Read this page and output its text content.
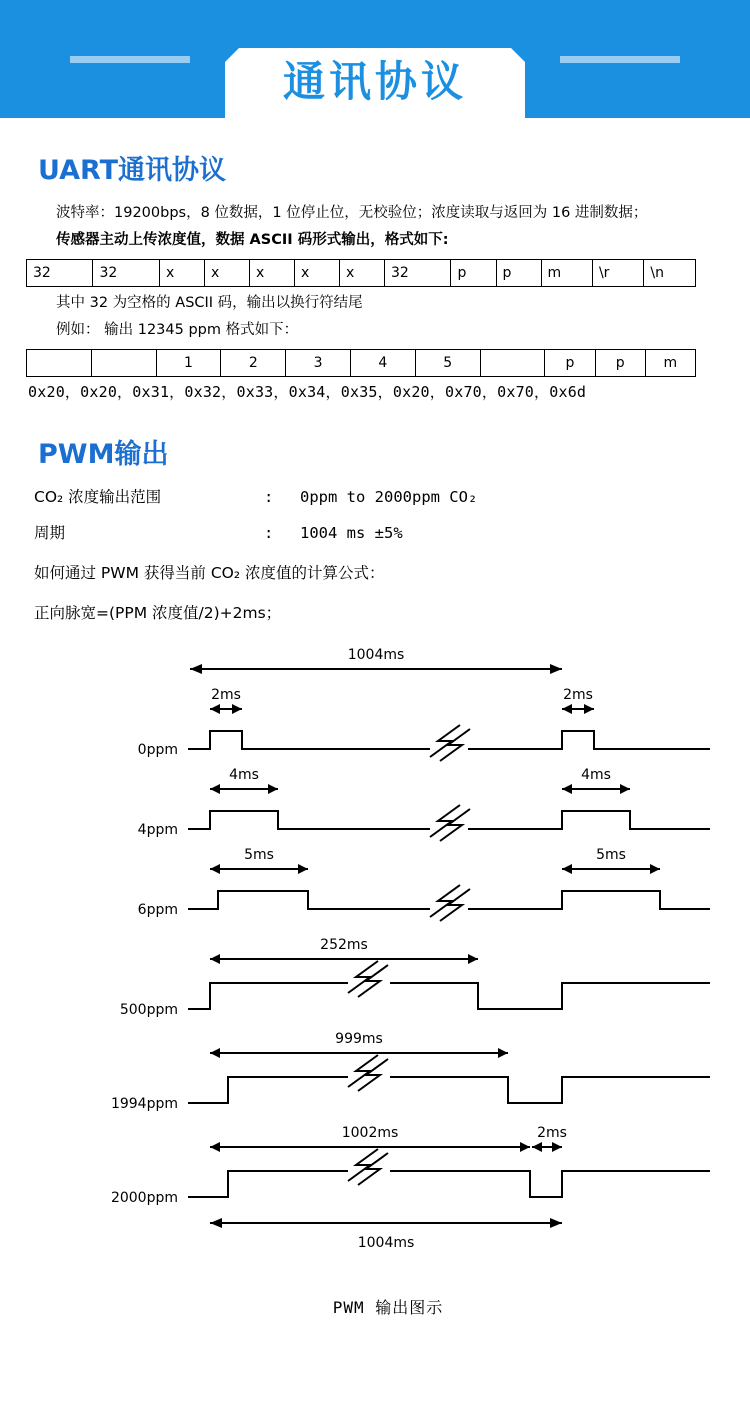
通讯协议
UART通讯协议

波特率：19200bps，8 位数据，1 位停止位，无校验位；浓度读取与返回为 16 进制数据；

传感器主动上传浓度值，数据 ASCII 码形式输出，格式如下:

32	32	x	x	x	x	x	32	p	p	m	\r	\n

其中 32 为空格的 ASCII 码，输出以换行符结尾

例如： 输出 12345 ppm 格式如下：

		1	2	3	4	5		p	p	m
0x20，0x20，0x31，0x32，0x33，0x34，0x35，0x20，0x70，0x70，0x6d
PWM输出
CO₂ 浓度输出范围	:	0ppm to 2000ppm CO₂
周期	:	1004 ms ±5%
如何通过 PWM 获得当前 CO₂ 浓度值的计算公式：
正向脉宽=(PPM 浓度值/2)+2ms；
1004ms
2ms	2ms
0ppm
4ms	4ms
4ppm
5ms	5ms
6ppm
252ms
500ppm
999ms
1994ppm
1002ms	2ms
2000ppm
1004ms
PWM 输出图示
